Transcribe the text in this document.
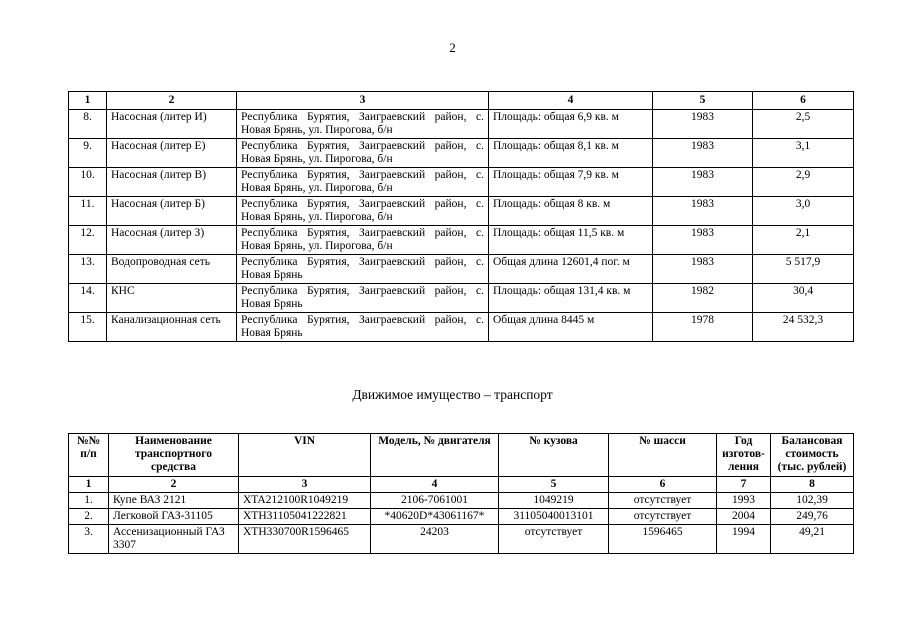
2
1	2	3	4	5	6
8.	Насосная (литер И)	Республика Бурятия, Заиграевский район, с. Новая Брянь, ул. Пирогова, б/н	Площадь: общая 6,9 кв. м	1983	2,5
9.	Насосная (литер Е)	Республика Бурятия, Заиграевский район, с. Новая Брянь, ул. Пирогова, б/н	Площадь: общая 8,1 кв. м	1983	3,1
10.	Насосная (литер В)	Республика Бурятия, Заиграевский район, с. Новая Брянь, ул. Пирогова, б/н	Площадь: общая 7,9 кв. м	1983	2,9
11.	Насосная (литер Б)	Республика Бурятия, Заиграевский район, с. Новая Брянь, ул. Пирогова, б/н	Площадь: общая 8 кв. м	1983	3,0
12.	Насосная (литер З)	Республика Бурятия, Заиграевский район, с. Новая Брянь, ул. Пирогова, б/н	Площадь: общая 11,5 кв. м	1983	2,1
13.	Водопроводная сеть	Республика Бурятия, Заиграевский район, с. Новая Брянь	Общая длина 12601,4 пог. м	1983	5 517,9
14.	КНС	Республика Бурятия, Заиграевский район, с. Новая Брянь	Площадь: общая 131,4 кв. м	1982	30,4
15.	Канализационная сеть	Республика Бурятия, Заиграевский район, с. Новая Брянь	Общая длина 8445 м	1978	24 532,3
Движимое имущество – транспорт
№№ п/п	Наименование транспортного средства	VIN	Модель, № двигателя	№ кузова	№ шасси	Год изготов-ления	Балансовая стоимость (тыс. рублей)
1	2	3	4	5	6	7	8
1.	Купе ВАЗ 2121	XTA212100R1049219	2106-7061001	1049219	отсутствует	1993	102,39
2.	Легковой ГАЗ-31105	XTH31105041222821	*40620D*43061167*	31105040013101	отсутствует	2004	249,76
3.	Ассенизационный ГАЗ 3307	XTH330700R1596465	24203	отсутствует	1596465	1994	49,21
